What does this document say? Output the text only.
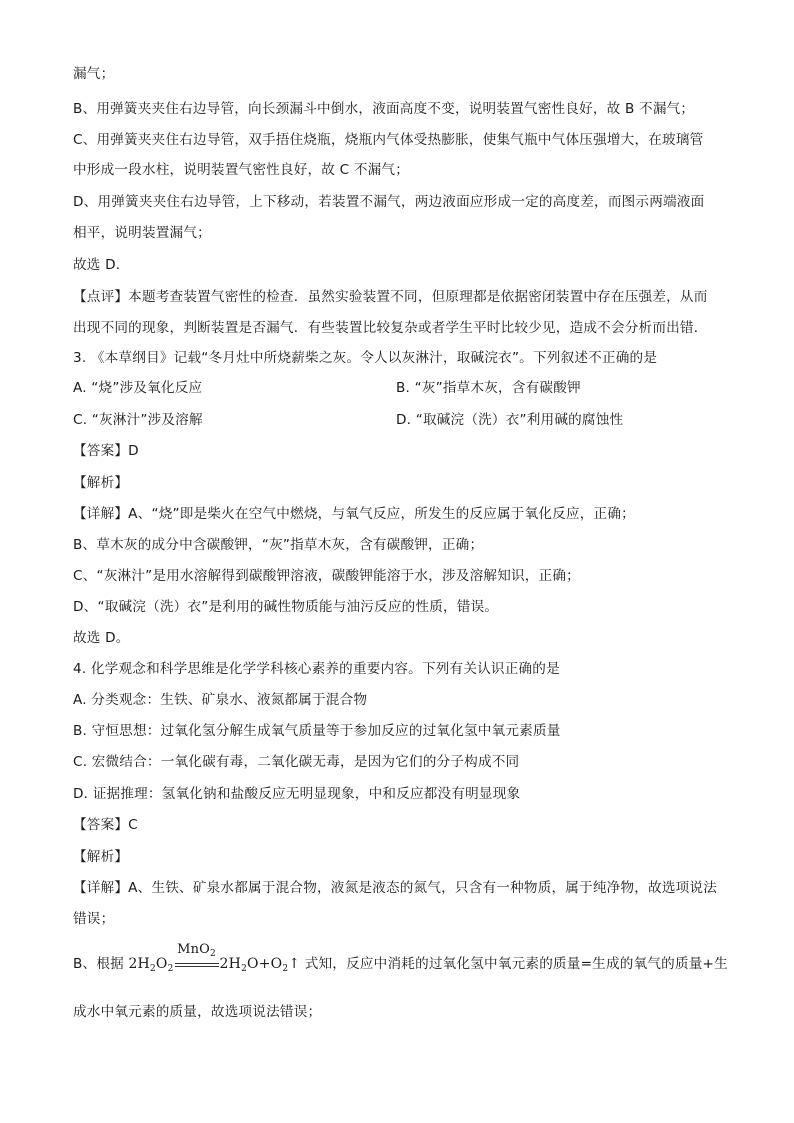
漏气；
B、用弹簧夹夹住右边导管，向长颈漏斗中倒水，液面高度不变，说明装置气密性良好，故 B 不漏气；
C、用弹簧夹夹住右边导管，双手捂住烧瓶，烧瓶内气体受热膨胀，使集气瓶中气体压强增大，在玻璃管
中形成一段水柱，说明装置气密性良好，故 C 不漏气；
D、用弹簧夹夹住右边导管，上下移动，若装置不漏气，两边液面应形成一定的高度差，而图示两端液面
相平，说明装置漏气；
故选 D．
【点评】本题考查装置气密性的检查．虽然实验装置不同，但原理都是依据密闭装置中存在压强差，从而
出现不同的现象，判断装置是否漏气．有些装置比较复杂或者学生平时比较少见，造成不会分析而出错．
3. 《本草纲目》记载“冬月灶中所烧薪柴之灰。令人以灰淋汁，取碱浣衣”。下列叙述不正确的是
A. “烧”涉及氧化反应	B. “灰”指草木灰，含有碳酸钾
C. “灰淋汁”涉及溶解	D. “取碱浣（洗）衣”利用碱的腐蚀性
【答案】D
【解析】
【详解】A、“烧”即是柴火在空气中燃烧，与氧气反应，所发生的反应属于氧化反应，正确；
B、草木灰的成分中含碳酸钾，“灰”指草木灰，含有碳酸钾，正确；
C、“灰淋汁”是用水溶解得到碳酸钾溶液，碳酸钾能溶于水，涉及溶解知识，正确；
D、“取碱浣（洗）衣”是利用的碱性物质能与油污反应的性质，错误。
故选 D。
4. 化学观念和科学思维是化学学科核心素养的重要内容。下列有关认识正确的是
A. 分类观念：生铁、矿泉水、液氮都属于混合物
B. 守恒思想：过氧化氢分解生成氧气质量等于参加反应的过氧化氢中氧元素质量
C. 宏微结合：一氧化碳有毒，二氧化碳无毒，是因为它们的分子构成不同
D. 证据推理：氢氧化钠和盐酸反应无明显现象，中和反应都没有明显现象
【答案】C
【解析】
【详解】A、生铁、矿泉水都属于混合物，液氮是液态的氮气，只含有一种物质，属于纯净物，故选项说法
错误；
B、根据 $2H_2O_2$
MnO$_2$
$2H_2O+O_2↑$ 式知，反应中消耗的过氧化氢中氧元素的质量=生成的氧气的质量+生
成水中氧元素的质量，故选项说法错误；
